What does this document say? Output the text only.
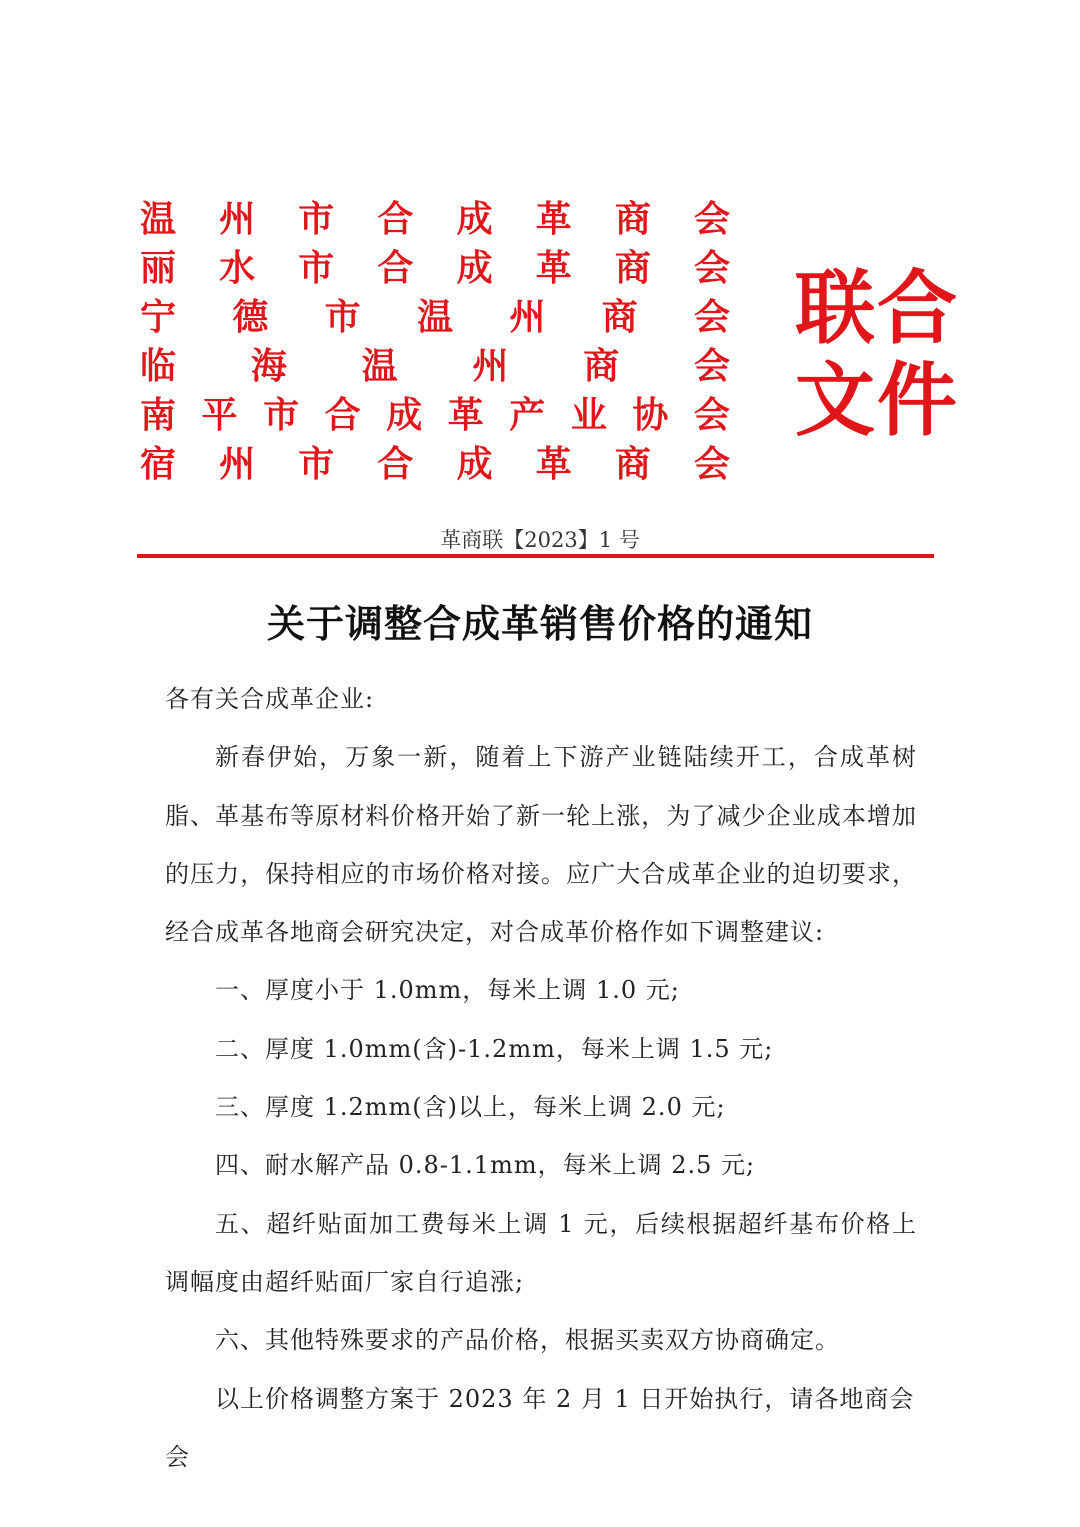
温 州 市 合 成 革 商 会
丽 水 市 合 成 革 商 会
宁 德 市 温 州 商 会
临 海 温 州 商 会
南 平 市 合 成 革 产 业 协 会
宿 州 市 合 成 革 商 会
联合
文件
革商联【2023】1 号
关于调整合成革销售价格的通知

各有关合成革企业:

新春伊始，万象一新，随着上下游产业链陆续开工，合成革树脂、革基布等原材料价格开始了新一轮上涨，为了减少企业成本增加的压力，保持相应的市场价格对接。应广大合成革企业的迫切要求，经合成革各地商会研究决定，对合成革价格作如下调整建议:

一、厚度小于 1.0mm，每米上调 1.0 元;

二、厚度 1.0mm(含)-1.2mm，每米上调 1.5 元;

三、厚度 1.2mm(含)以上，每米上调 2.0 元;

四、耐水解产品 0.8-1.1mm，每米上调 2.5 元;

五、超纤贴面加工费每米上调 1 元，后续根据超纤基布价格上调幅度由超纤贴面厂家自行追涨;

六、其他特殊要求的产品价格，根据买卖双方协商确定。

以上价格调整方案于 2023 年 2 月 1 日开始执行，请各地商会会
